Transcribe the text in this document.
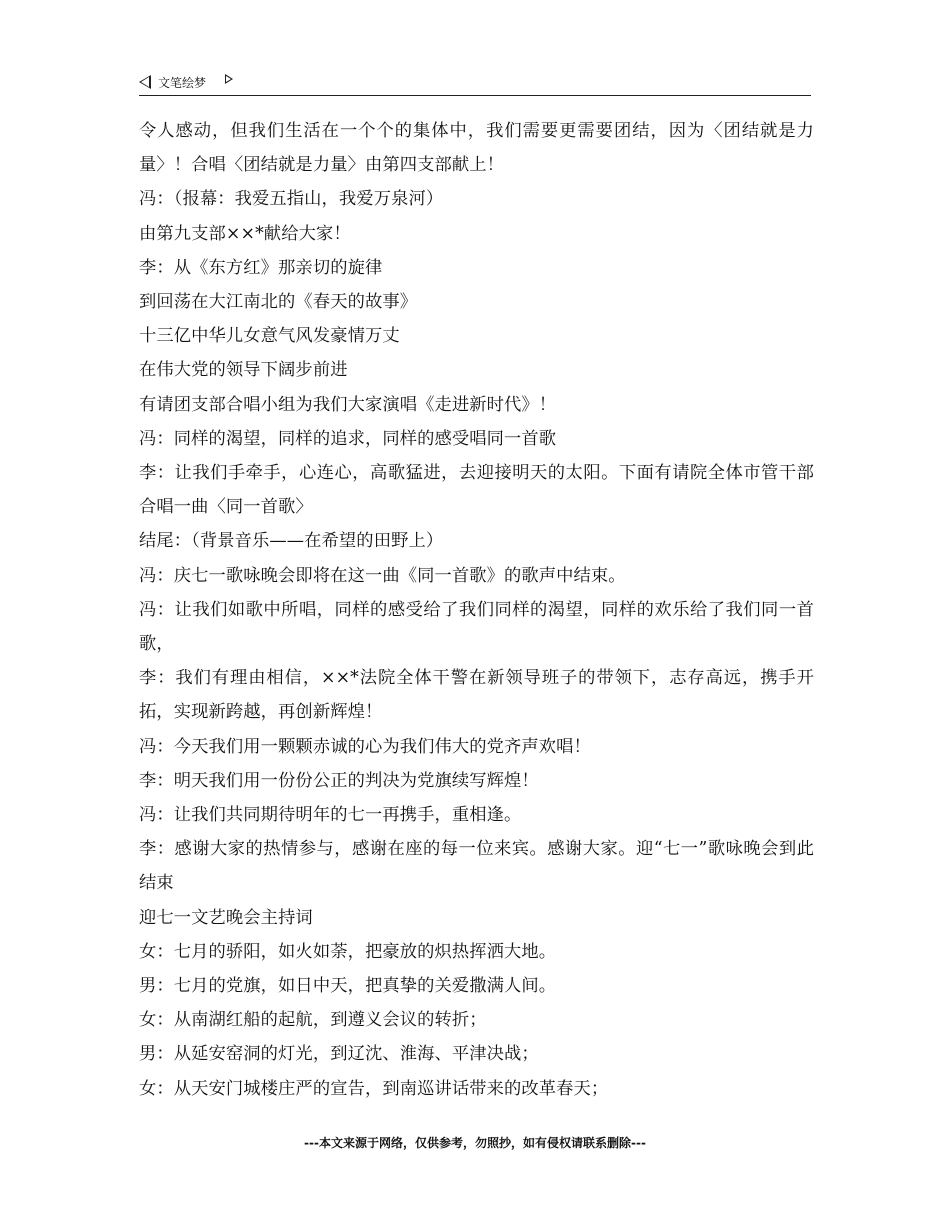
文笔绘梦

令人感动，但我们生活在一个个的集体中，我们需要更需要团结，因为〈团结就是力量〉！合唱〈团结就是力量〉由第四支部献上！

冯：（报幕：我爱五指山，我爱万泉河）

由第九支部××*献给大家！

李：从《东方红》那亲切的旋律

到回荡在大江南北的《春天的故事》

十三亿中华儿女意气风发豪情万丈

在伟大党的领导下阔步前进

有请团支部合唱小组为我们大家演唱《走进新时代》！

冯：同样的渴望，同样的追求，同样的感受唱同一首歌

李：让我们手牵手，心连心，高歌猛进，去迎接明天的太阳。下面有请院全体市管干部合唱一曲〈同一首歌〉

结尾：（背景音乐——在希望的田野上）

冯：庆七一歌咏晚会即将在这一曲《同一首歌》的歌声中结束。

冯：让我们如歌中所唱，同样的感受给了我们同样的渴望，同样的欢乐给了我们同一首歌，

李：我们有理由相信，××*法院全体干警在新领导班子的带领下，志存高远，携手开拓，实现新跨越，再创新辉煌！

冯：今天我们用一颗颗赤诚的心为我们伟大的党齐声欢唱！

李：明天我们用一份份公正的判决为党旗续写辉煌！

冯：让我们共同期待明年的七一再携手，重相逢。

李：感谢大家的热情参与，感谢在座的每一位来宾。感谢大家。迎“七一”歌咏晚会到此结束

迎七一文艺晚会主持词

女：七月的骄阳，如火如荼，把豪放的炽热挥洒大地。

男：七月的党旗，如日中天，把真挚的关爱撒满人间。

女：从南湖红船的起航，到遵义会议的转折；

男：从延安窑洞的灯光，到辽沈、淮海、平津决战；

女：从天安门城楼庄严的宣告，到南巡讲话带来的改革春天；

---本文来源于网络，仅供参考，勿照抄，如有侵权请联系删除---
